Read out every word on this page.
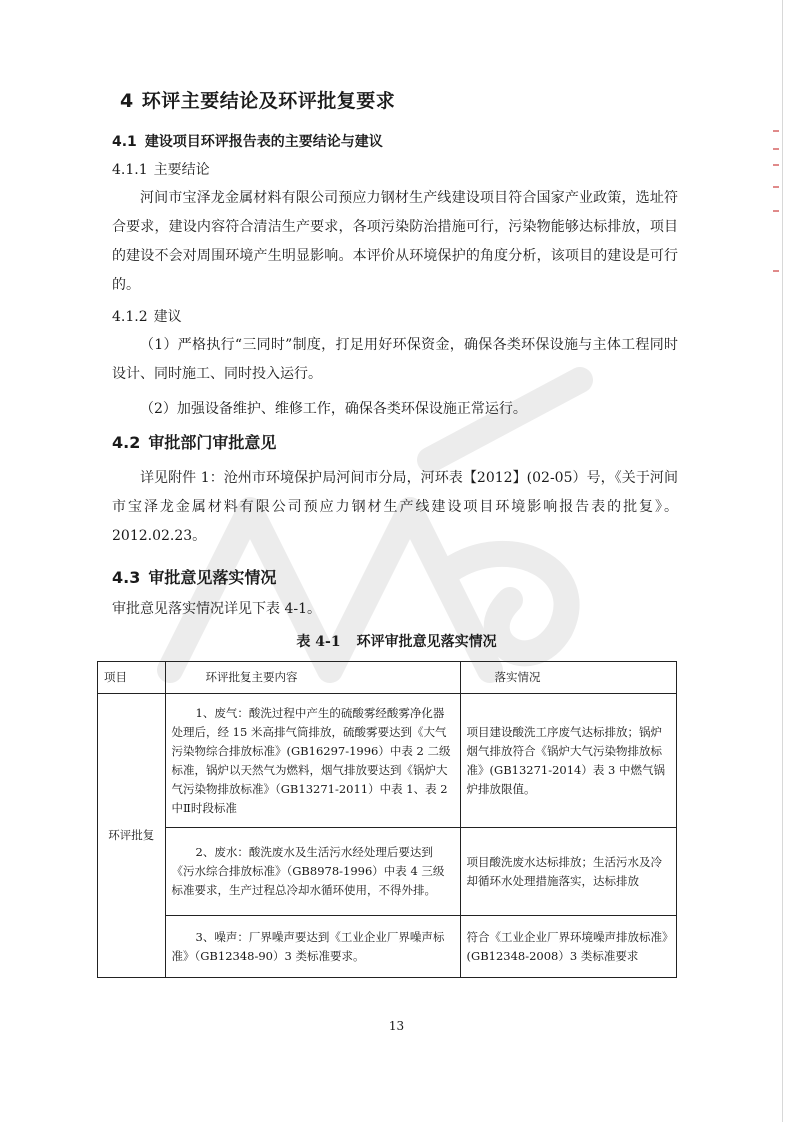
4 环评主要结论及环评批复要求
4.1 建设项目环评报告表的主要结论与建议
4.1.1 主要结论
河间市宝泽龙金属材料有限公司预应力钢材生产线建设项目符合国家产业政策，选址符合要求，建设内容符合清洁生产要求，各项污染防治措施可行，污染物能够达标排放，项目的建设不会对周围环境产生明显影响。本评价从环境保护的角度分析，该项目的建设是可行的。
4.1.2 建议
（1）严格执行“三同时”制度，打足用好环保资金，确保各类环保设施与主体工程同时设计、同时施工、同时投入运行。
（2）加强设备维护、维修工作，确保各类环保设施正常运行。
4.2 审批部门审批意见
详见附件 1：沧州市环境保护局河间市分局，河环表【2012】(02-05）号，《关于河间市宝泽龙金属材料有限公司预应力钢材生产线建设项目环境影响报告表的批复》。2012.02.23。
4.3 审批意见落实情况
审批意见落实情况详见下表 4-1。
表 4-1 环评审批意见落实情况
项目	环评批复主要内容	落实情况
环评批复	1、废气：酸洗过程中产生的硫酸雾经酸雾净化器处理后，经 15 米高排气筒排放，硫酸雾要达到《大气污染物综合排放标准》(GB16297-1996）中表 2 二级标准，锅炉以天然气为燃料，烟气排放要达到《锅炉大气污染物排放标准》（GB13271-2011）中表 1、表 2 中Ⅱ时段标准	项目建设酸洗工序废气达标排放；锅炉烟气排放符合《锅炉大气污染物排放标准》(GB13271-2014）表 3 中燃气锅炉排放限值。

	2、废水：酸洗废水及生活污水经处理后要达到《污水综合排放标准》（GB8978-1996）中表 4 三级标准要求，生产过程总冷却水循环使用，不得外排。	项目酸洗废水达标排放；生活污水及冷却循环水处理措施落实，达标排放

	3、噪声：厂界噪声要达到《工业企业厂界噪声标准》（GB12348-90）3 类标准要求。	符合《工业企业厂界环境噪声排放标准》(GB12348-2008）3 类标准要求
13
